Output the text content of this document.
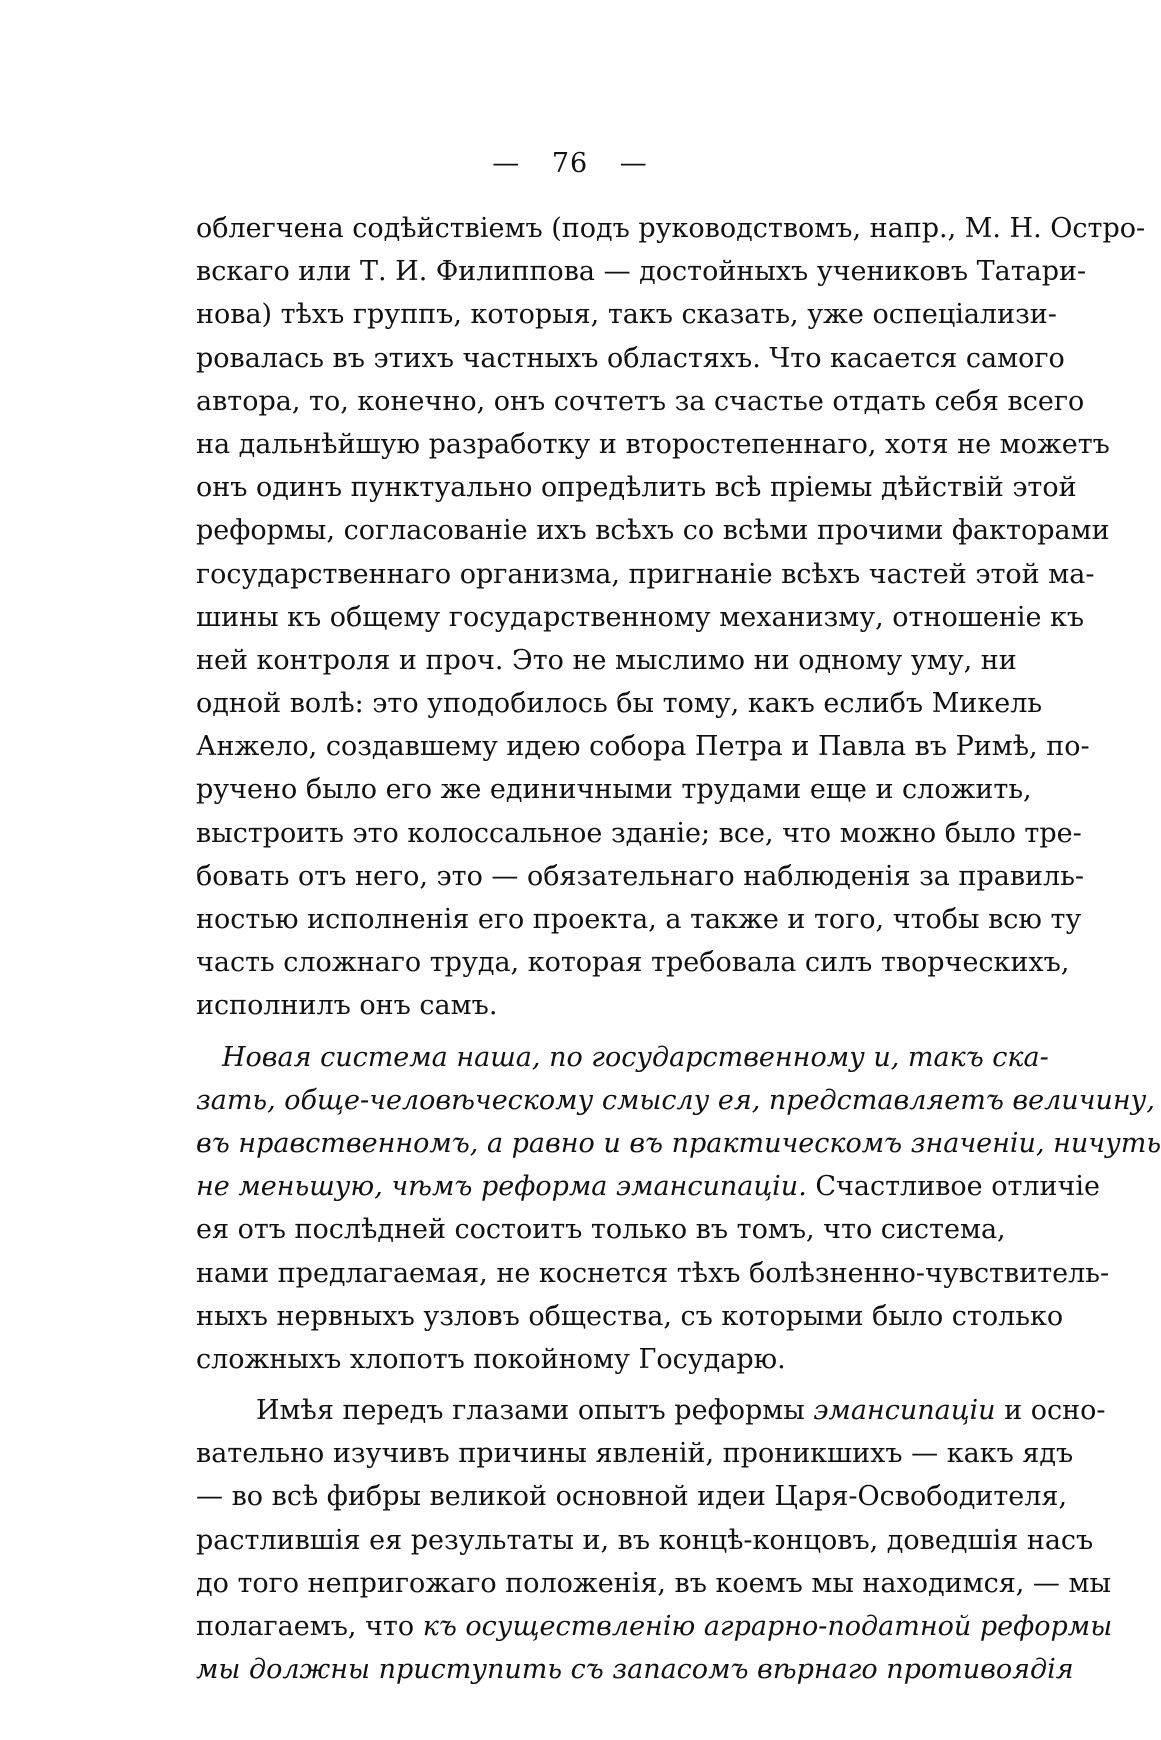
— 76 —
облегчена содѣйствіемъ (подъ руководствомъ, напр., М. Н. Остро-
вскаго или Т. И. Филиппова — достойныхъ учениковъ Татари-
нова) тѣхъ группъ, которыя, такъ сказать, уже оспеціализи-
ровалась въ этихъ частныхъ областяхъ. Что касается самого
автора, то, конечно, онъ сочтетъ за счастье отдать себя всего
на дальнѣйшую разработку и второстепеннаго, хотя не можетъ
онъ одинъ пунктуально опредѣлить всѣ пріемы дѣйствій этой
реформы, согласованіе ихъ всѣхъ со всѣми прочими факторами
государственнаго организма, пригнаніе всѣхъ частей этой ма-
шины къ общему государственному механизму, отношеніе къ
ней контроля и проч. Это не мыслимо ни одному уму, ни
одной волѣ: это уподобилось бы тому, какъ еслибъ Микель
Анжело, создавшему идею собора Петра и Павла въ Римѣ, по-
ручено было его же единичными трудами еще и сложить,
выстроить это колоссальное зданіе; все, что можно было тре-
бовать отъ него, это — обязательнаго наблюденія за правиль-
ностью исполненія его проекта, а также и того, чтобы всю ту
часть сложнаго труда, которая требовала силъ творческихъ,
исполнилъ онъ самъ.
Новая система наша, по государственному и, такъ ска-
зать, обще-человѣческому смыслу ея, представляетъ величину,
въ нравственномъ, а равно и въ практическомъ значеніи, ничуть
не меньшую, чѣмъ реформа эмансипаціи. Счастливое отличіе
ея отъ послѣдней состоитъ только въ томъ, что система,
нами предлагаемая, не коснется тѣхъ болѣзненно-чувствитель-
ныхъ нервныхъ узловъ общества, съ которыми было столько
сложныхъ хлопотъ покойному Государю.
Имѣя передъ глазами опытъ реформы эмансипаціи и осно-
вательно изучивъ причины явленій, проникшихъ — какъ ядъ
— во всѣ фибры великой основной идеи Царя-Освободителя,
растлившія ея результаты и, въ концѣ-концовъ, доведшія насъ
до того непригожаго положенія, въ коемъ мы находимся, — мы
полагаемъ, что къ осуществленію аграрно-податной реформы
мы должны приступить съ запасомъ вѣрнаго противоядія
